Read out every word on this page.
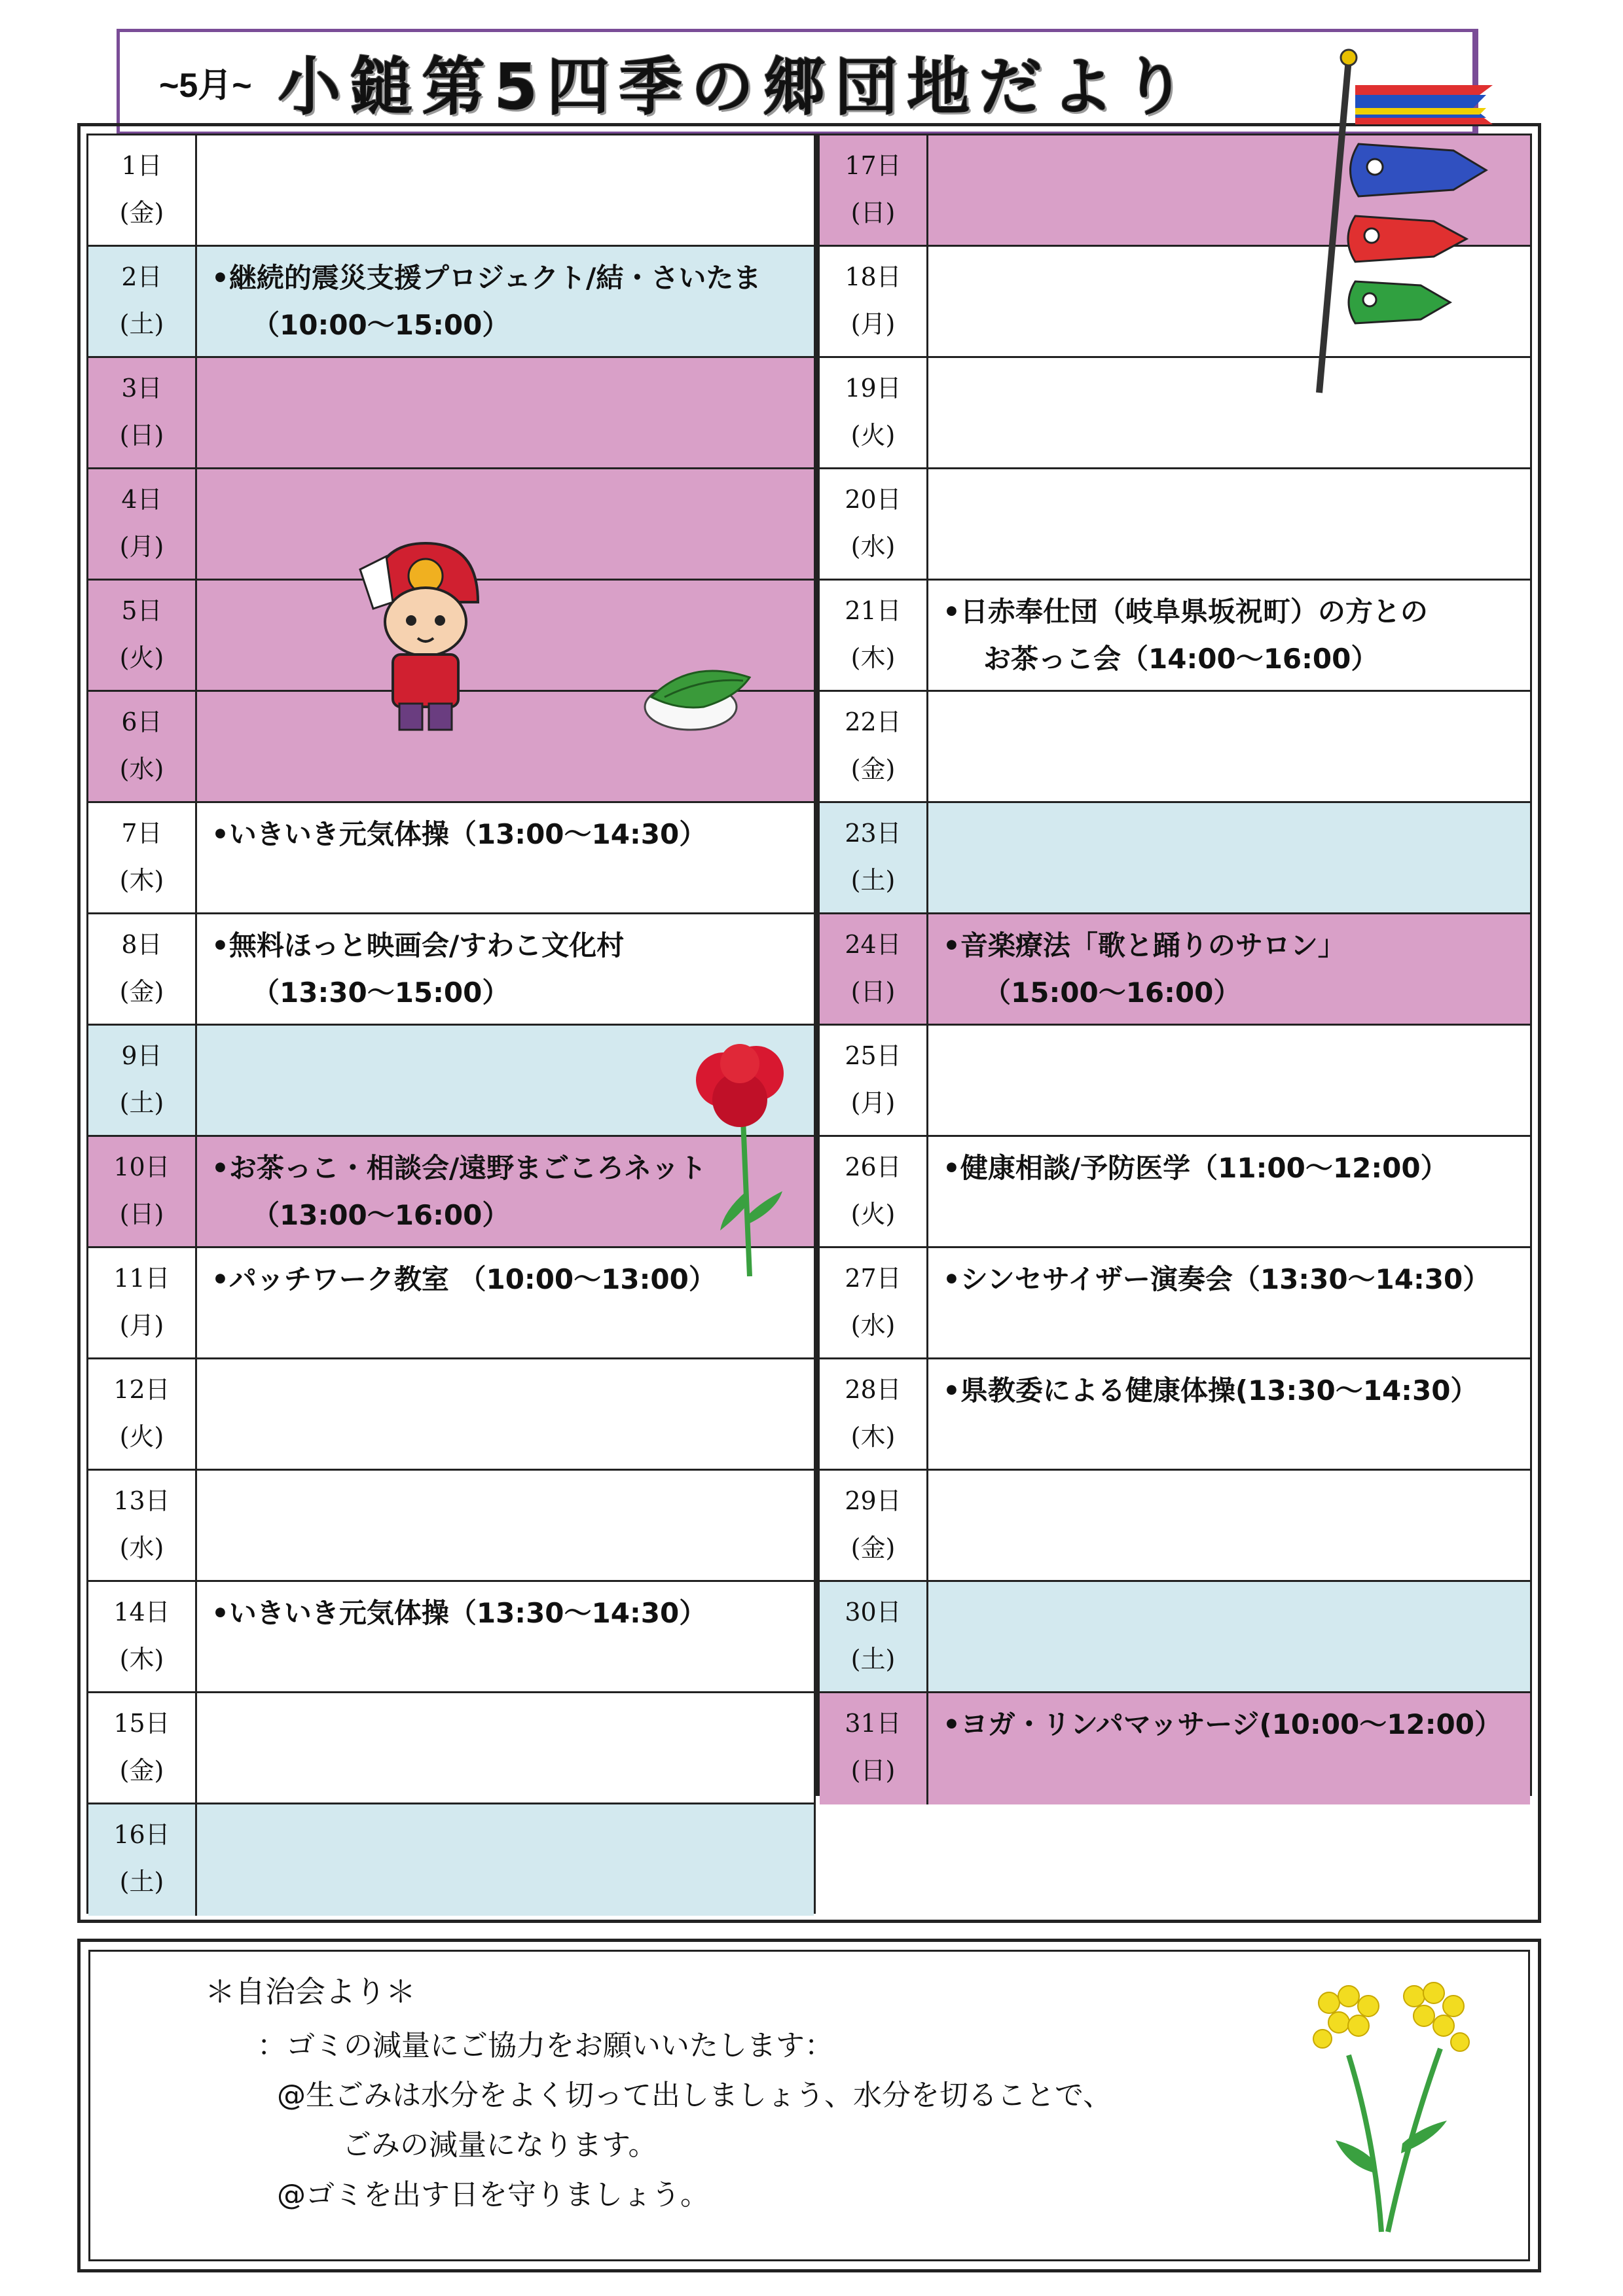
~5月~ 小鎚第5四季の郷団地だより
1日
(金)
2日
(土)
•継続的震災支援プロジェクト/結・さいたま
（10:00～15:00）
3日
(日)
4日
(月)
5日
(火)
6日
(水)
7日
(木)
•いきいき元気体操（13:00～14:30）
8日
(金)
•無料ほっと映画会/すわこ文化村
（13:30～15:00）
9日
(土)
10日
(日)
•お茶っこ・相談会/遠野まごころネット
（13:00～16:00）
11日
(月)
•パッチワーク教室 （10:00～13:00）
12日
(火)
13日
(水)
14日
(木)
•いきいき元気体操（13:30～14:30）
15日
(金)
16日
(土)
17日
(日)
18日
(月)
19日
(火)
20日
(水)
21日
(木)
•日赤奉仕団（岐阜県坂祝町）の方との
お茶っこ会（14:00～16:00）
22日
(金)
23日
(土)
24日
(日)
•音楽療法「歌と踊りのサロン」
（15:00～16:00）
25日
(月)
26日
(火)
•健康相談/予防医学（11:00～12:00）
27日
(水)
•シンセサイザー演奏会（13:30～14:30）
28日
(木)
•県教委による健康体操(13:30～14:30）
29日
(金)
30日
(土)
31日
(日)
•ヨガ・リンパマッサージ(10:00～12:00）
＊自治会より＊
：ゴミの減量にご協力をお願いいたします：
@生ごみは水分をよく切って出しましょう、水分を切ることで、
ごみの減量になります。
@ゴミを出す日を守りましょう。
